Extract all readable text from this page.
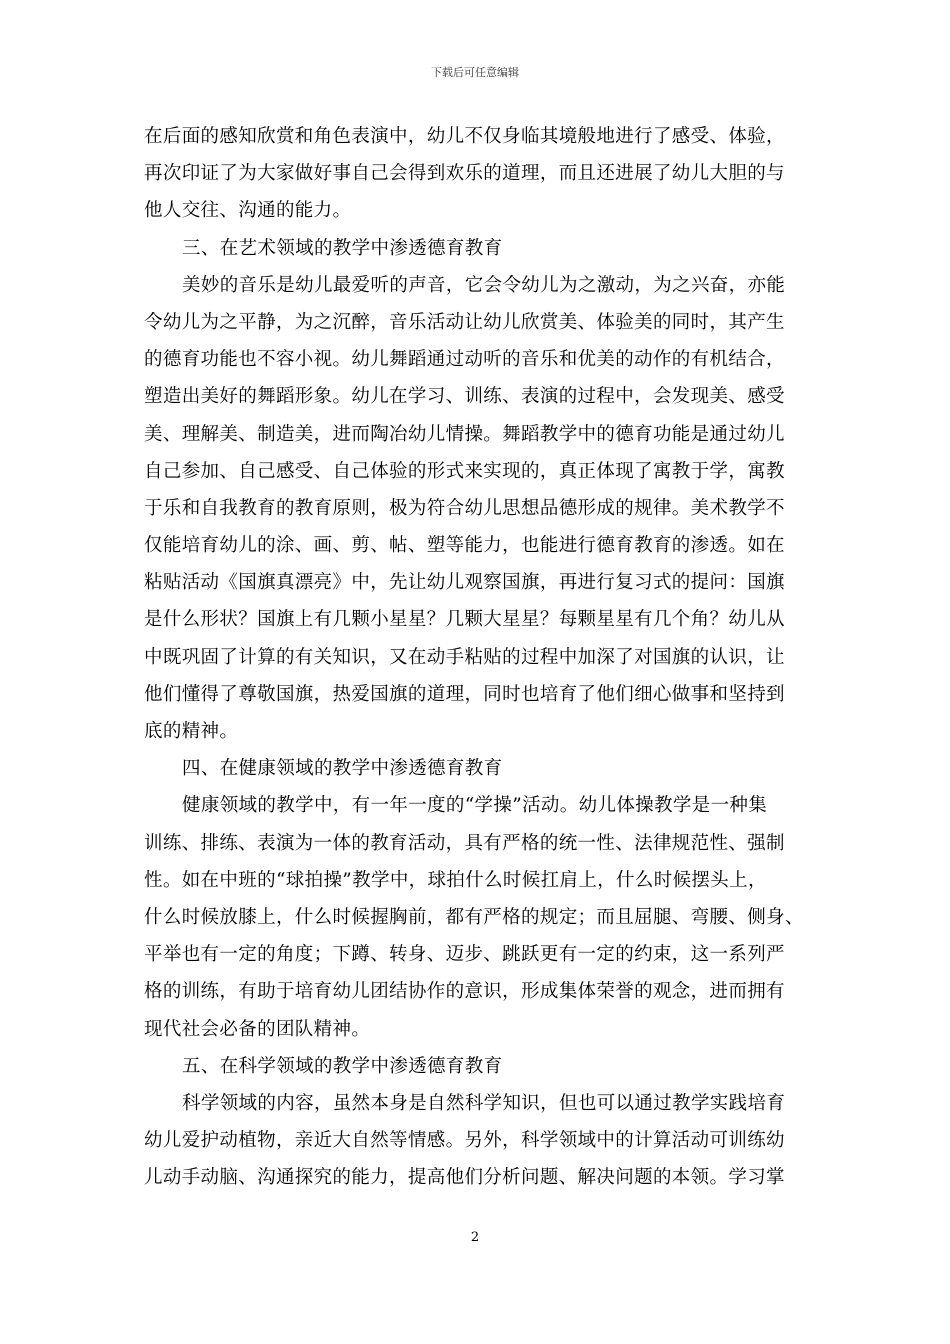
下载后可任意编辑
在后面的感知欣赏和角色表演中，幼儿不仅身临其境般地进行了感受、体验，
再次印证了为大家做好事自己会得到欢乐的道理，而且还进展了幼儿大胆的与
他人交往、沟通的能力。
三、在艺术领域的教学中渗透德育教育
美妙的音乐是幼儿最爱听的声音，它会令幼儿为之激动，为之兴奋，亦能
令幼儿为之平静，为之沉醉，音乐活动让幼儿欣赏美、体验美的同时，其产生
的德育功能也不容小视。幼儿舞蹈通过动听的音乐和优美的动作的有机结合，
塑造出美好的舞蹈形象。幼儿在学习、训练、表演的过程中，会发现美、感受
美、理解美、制造美，进而陶冶幼儿情操。舞蹈教学中的德育功能是通过幼儿
自己参加、自己感受、自己体验的形式来实现的，真正体现了寓教于学，寓教
于乐和自我教育的教育原则，极为符合幼儿思想品德形成的规律。美术教学不
仅能培育幼儿的涂、画、剪、帖、塑等能力，也能进行德育教育的渗透。如在
粘贴活动《国旗真漂亮》中，先让幼儿观察国旗，再进行复习式的提问：国旗
是什么形状？国旗上有几颗小星星？几颗大星星？每颗星星有几个角？幼儿从
中既巩固了计算的有关知识，又在动手粘贴的过程中加深了对国旗的认识，让
他们懂得了尊敬国旗，热爱国旗的道理，同时也培育了他们细心做事和坚持到
底的精神。
四、在健康领域的教学中渗透德育教育
健康领域的教学中，有一年一度的“学操”活动。幼儿体操教学是一种集
训练、排练、表演为一体的教育活动，具有严格的统一性、法律规范性、强制
性。如在中班的“球拍操”教学中，球拍什么时候扛肩上，什么时候摆头上，
什么时候放膝上，什么时候握胸前，都有严格的规定；而且屈腿、弯腰、侧身、
平举也有一定的角度；下蹲、转身、迈步、跳跃更有一定的约束，这一系列严
格的训练，有助于培育幼儿团结协作的意识，形成集体荣誉的观念，进而拥有
现代社会必备的团队精神。
五、在科学领域的教学中渗透德育教育
科学领域的内容，虽然本身是自然科学知识，但也可以通过教学实践培育
幼儿爱护动植物，亲近大自然等情感。另外，科学领域中的计算活动可训练幼
儿动手动脑、沟通探究的能力，提高他们分析问题、解决问题的本领。学习掌
2
